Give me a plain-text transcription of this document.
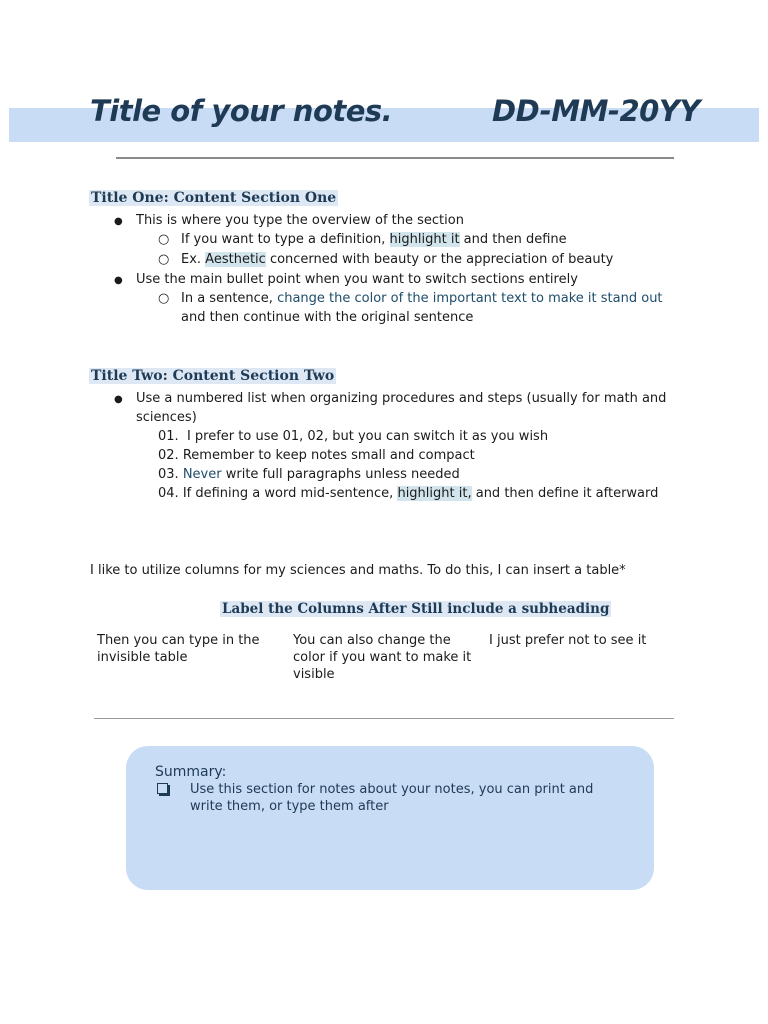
Title of your notes.	DD-MM-20YY
Title One: Content Section One
● This is where you type the overview of the section
○ If you want to type a definition, highlight it and then define
○ Ex. Aesthetic concerned with beauty or the appreciation of beauty
● Use the main bullet point when you want to switch sections entirely
○ In a sentence, change the color of the important text to make it stand out
and then continue with the original sentence
Title Two: Content Section Two
● Use a numbered list when organizing procedures and steps (usually for math and
sciences)
01. I prefer to use 01, 02, but you can switch it as you wish
02. Remember to keep notes small and compact
03. Never write full paragraphs unless needed
04. If defining a word mid-sentence, highlight it, and then define it afterward
I like to utilize columns for my sciences and maths. To do this, I can insert a table*
Label the Columns After Still include a subheading
Then you can type in the
invisible table
You can also change the
color if you want to make it
visible
I just prefer not to see it
Summary:
Use this section for notes about your notes, you can print and
write them, or type them after
